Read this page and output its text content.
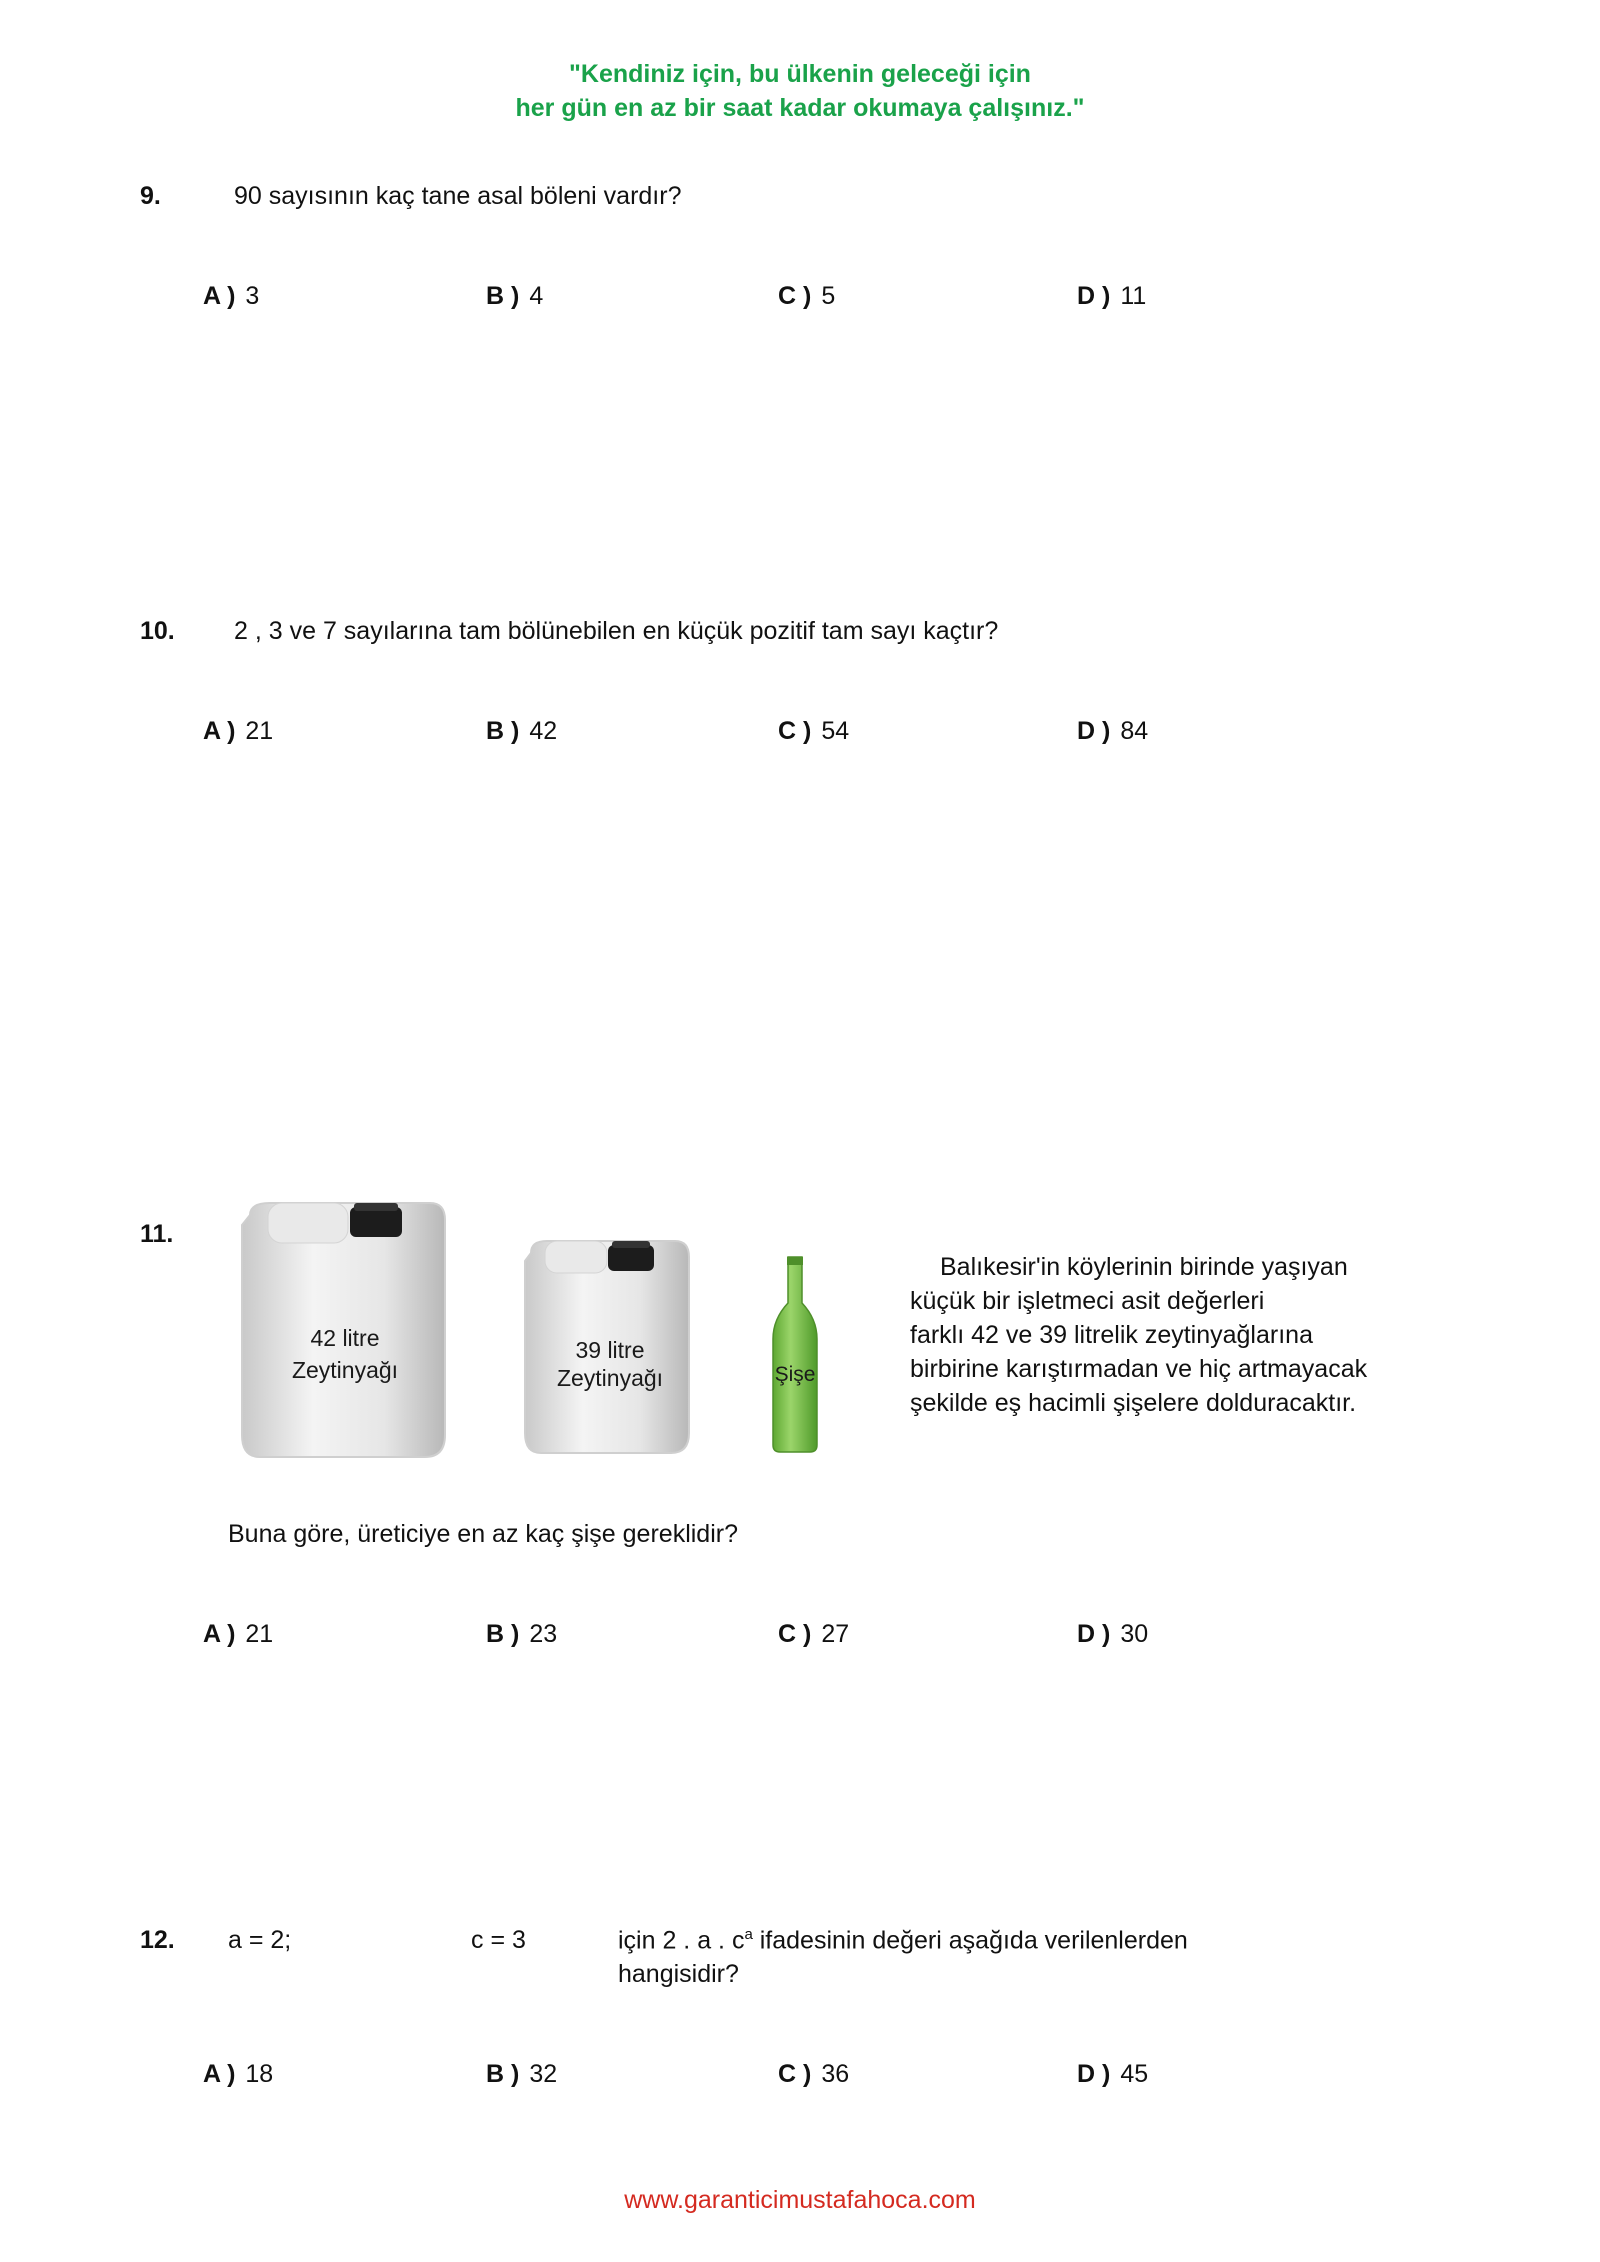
"Kendiniz için, bu ülkenin geleceği için
her gün en az bir saat kadar okumaya çalışınız."
9.	90 sayısının kaç tane asal böleni vardır?
A ) 3	B ) 4	C ) 5	D ) 11
10. 2 , 3 ve 7 sayılarına tam bölünebilen en küçük pozitif tam sayı kaçtır?
A ) 21	B ) 42	C ) 54	D ) 84
11.
42 litre
Zeytinyağı
39 litre
Zeytinyağı	Şişe
Balıkesir'in köylerinin birinde yaşıyan
küçük bir işletmeci asit değerleri
farklı 42 ve 39 litrelik zeytinyağlarına
birbirine karıştırmadan ve hiç artmayacak
şekilde eş hacimli şişelere dolduracaktır.
Buna göre, üreticiye en az kaç şişe gereklidir?
A ) 21	B ) 23	C ) 27	D ) 30
12. a = 2;	c = 3	için 2 . a . $c^a$ ifadesinin değeri aşağıda verilenlerden
hangisidir?
A ) 18	B ) 32	C ) 36	D ) 45
www.garanticimustafahoca.com
